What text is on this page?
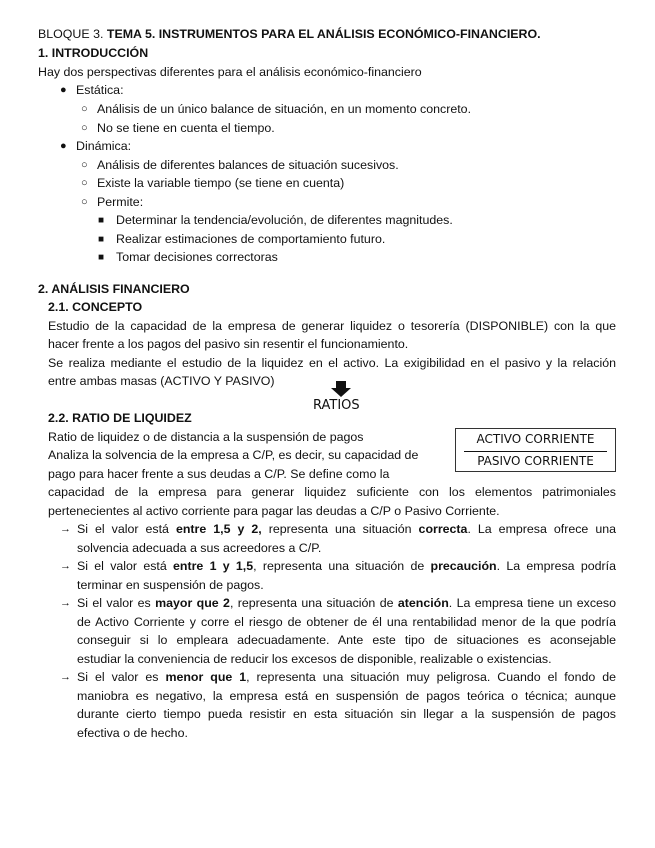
BLOQUE 3. TEMA 5. INSTRUMENTOS PARA EL ANÁLISIS ECONÓMICO-FINANCIERO.
1. INTRODUCCIÓN
Hay dos perspectivas diferentes para el análisis económico-financiero
● Estática:
○ Análisis de un único balance de situación, en un momento concreto.
○ No se tiene en cuenta el tiempo.
● Dinámica:
○ Análisis de diferentes balances de situación sucesivos.
○ Existe la variable tiempo (se tiene en cuenta)
○ Permite:
■ Determinar la tendencia/evolución, de diferentes magnitudes.
■ Realizar estimaciones de comportamiento futuro.
■ Tomar decisiones correctoras
2. ANÁLISIS FINANCIERO
2.1. CONCEPTO
Estudio de la capacidad de la empresa de generar liquidez o tesorería (DISPONIBLE) con la que
hacer frente a los pagos del pasivo sin resentir el funcionamiento.
Se realiza mediante el estudio de la liquidez en el activo. La exigibilidad en el pasivo y la relación
entre ambas masas (ACTIVO Y PASIVO)
RATIOS
2.2. RATIO DE LIQUIDEZ
Ratio de liquidez o de distancia a la suspensión de pagos
Analiza la solvencia de la empresa a C/P, es decir, su capacidad de
pago para hacer frente a sus deudas a C/P. Se define como la
capacidad de la empresa para generar liquidez suficiente con los elementos patrimoniales
pertenecientes al activo corriente para pagar las deudas a C/P o Pasivo Corriente.
ACTIVO CORRIENTE
PASIVO CORRIENTE
→ Si el valor está entre 1,5 y 2, representa una situación correcta. La empresa ofrece una
solvencia adecuada a sus acreedores a C/P.
→ Si el valor está entre 1 y 1,5, representa una situación de precaución. La empresa podría
terminar en suspensión de pagos.
→ Si el valor es mayor que 2, representa una situación de atención. La empresa tiene un exceso
de Activo Corriente y corre el riesgo de obtener de él una rentabilidad menor de la que podría
conseguir si lo empleara adecuadamente. Ante este tipo de situaciones es aconsejable
estudiar la conveniencia de reducir los excesos de disponible, realizable o existencias.
→ Si el valor es menor que 1, representa una situación muy peligrosa. Cuando el fondo de
maniobra es negativo, la empresa está en suspensión de pagos teórica o técnica; aunque
durante cierto tiempo pueda resistir en esta situación sin llegar a la suspensión de pagos
efectiva o de hecho.
